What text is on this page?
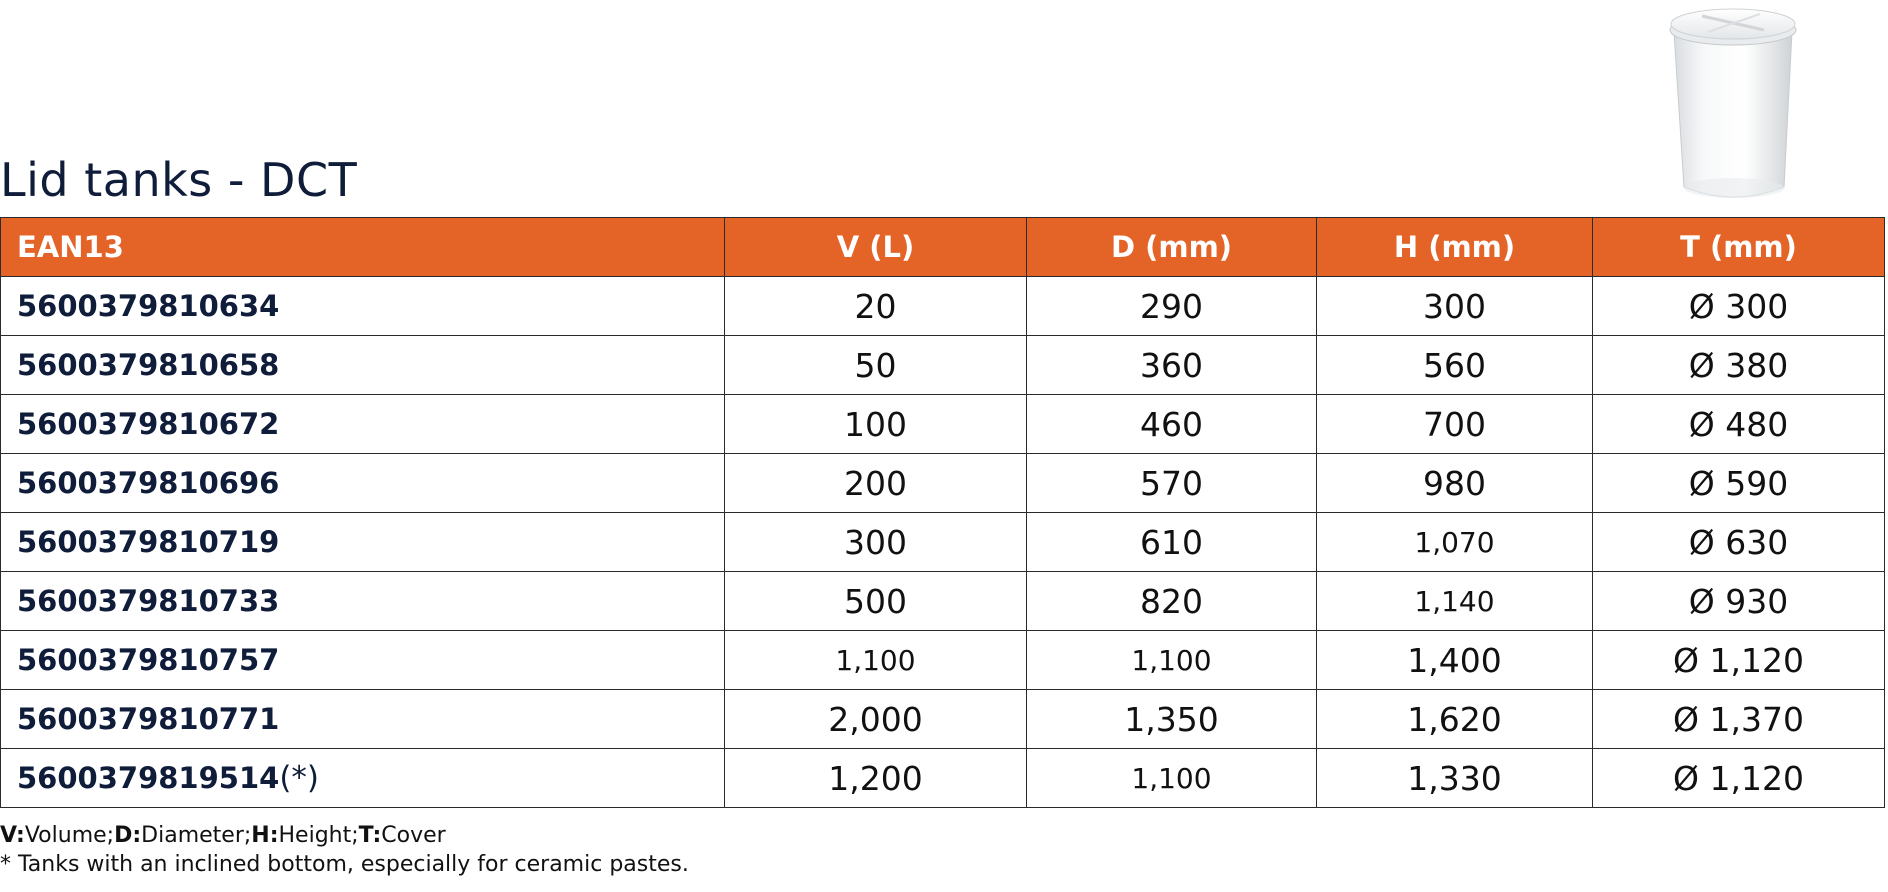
Lid tanks - DCT
EAN13	V (L)	D (mm)	H (mm)	T (mm)
5600379810634	20	290	300	Ø 300
5600379810658	50	360	560	Ø 380
5600379810672	100	460	700	Ø 480
5600379810696	200	570	980	Ø 590
5600379810719	300	610	1,070	Ø 630
5600379810733	500	820	1,140	Ø 930
5600379810757	1,100	1,100	1,400	Ø 1,120
5600379810771	2,000	1,350	1,620	Ø 1,370
5600379819514(*)	1,200	1,100	1,330	Ø 1,120
V:Volume;D:Diameter;H:Height;T:Cover
* Tanks with an inclined bottom, especially for ceramic pastes.
